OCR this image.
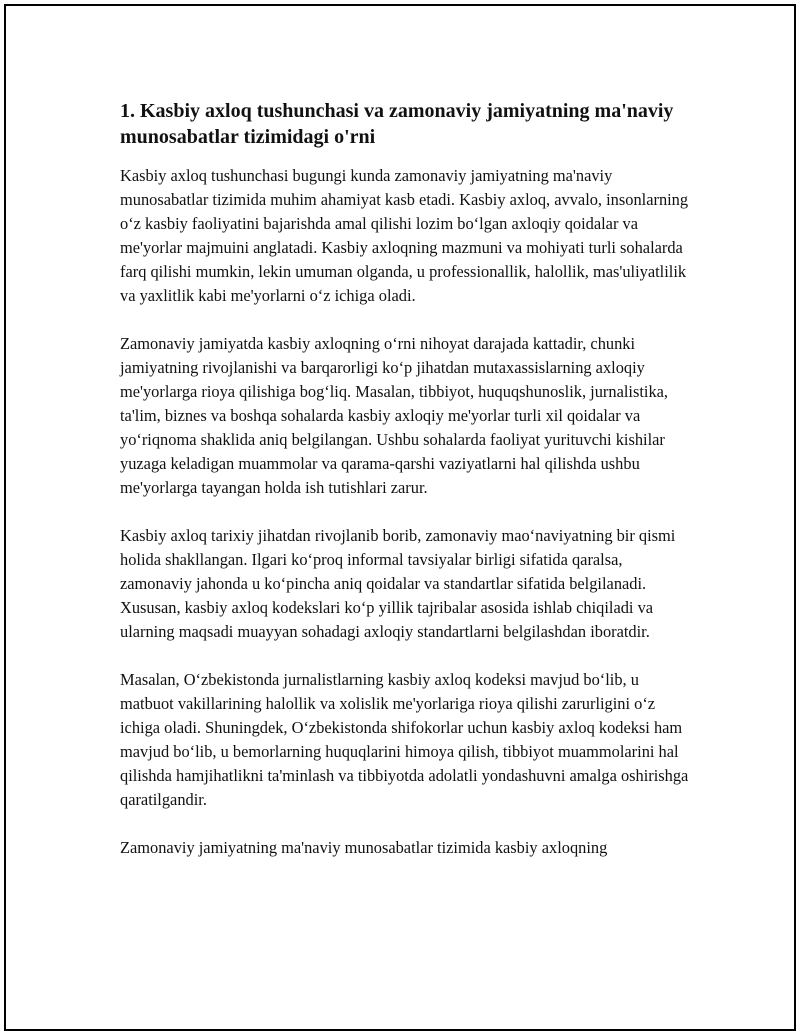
1. Kasbiy axloq tushunchasi va zamonaviy jamiyatning ma'naviy munosabatlar tizimidagi o'rni

Kasbiy axloq tushunchasi bugungi kunda zamonaviy jamiyatning ma'naviy munosabatlar tizimida muhim ahamiyat kasb etadi. Kasbiy axloq, avvalo, insonlarning o‘z kasbiy faoliyatini bajarishda amal qilishi lozim bo‘lgan axloqiy qoidalar va me'yorlar majmuini anglatadi. Kasbiy axloqning mazmuni va mohiyati turli sohalarda farq qilishi mumkin, lekin umuman olganda, u professionallik, halollik, mas'uliyatlilik va yaxlitlik kabi me'yorlarni o‘z ichiga oladi.

Zamonaviy jamiyatda kasbiy axloqning o‘rni nihoyat darajada kattadir, chunki jamiyatning rivojlanishi va barqarorligi ko‘p jihatdan mutaxassislarning axloqiy me'yorlarga rioya qilishiga bog‘liq. Masalan, tibbiyot, huquqshunoslik, jurnalistika, ta'lim, biznes va boshqa sohalarda kasbiy axloqiy me'yorlar turli xil qoidalar va yo‘riqnoma shaklida aniq belgilangan. Ushbu sohalarda faoliyat yurituvchi kishilar yuzaga keladigan muammolar va qarama-qarshi vaziyatlarni hal qilishda ushbu me'yorlarga tayangan holda ish tutishlari zarur.

Kasbiy axloq tarixiy jihatdan rivojlanib borib, zamonaviy mao‘naviyatning bir qismi holida shakllangan. Ilgari ko‘proq informal tavsiyalar birligi sifatida qaralsa, zamonaviy jahonda u ko‘pincha aniq qoidalar va standartlar sifatida belgilanadi. Xususan, kasbiy axloq kodekslari ko‘p yillik tajribalar asosida ishlab chiqiladi va ularning maqsadi muayyan sohadagi axloqiy standartlarni belgilashdan iboratdir.

Masalan, O‘zbekistonda jurnalistlarning kasbiy axloq kodeksi mavjud bo‘lib, u matbuot vakillarining halollik va xolislik me'yorlariga rioya qilishi zarurligini o‘z ichiga oladi. Shuningdek, O‘zbekistonda shifokorlar uchun kasbiy axloq kodeksi ham mavjud bo‘lib, u bemorlarning huquqlarini himoya qilish, tibbiyot muammolarini hal qilishda hamjihatlikni ta'minlash va tibbiyotda adolatli yondashuvni amalga oshirishga qaratilgandir.

Zamonaviy jamiyatning ma'naviy munosabatlar tizimida kasbiy axloqning
